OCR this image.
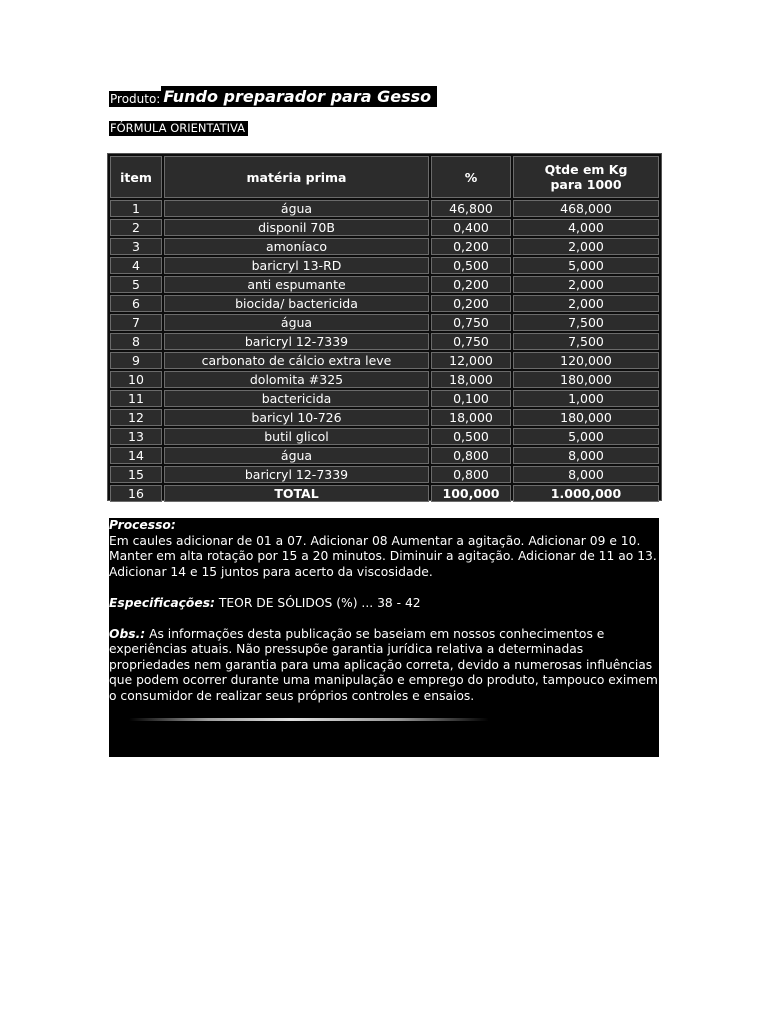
Produto: Fundo preparador para Gesso
FÓRMULA ORIENTATIVA
item	matéria prima	%	Qtde em Kg
para 1000
1	água	46,800	468,000
2	disponil 70B	0,400	4,000
3	amoníaco	0,200	2,000
4	baricryl 13-RD	0,500	5,000
5	anti espumante	0,200	2,000
6	biocida/ bactericida	0,200	2,000
7	água	0,750	7,500
8	baricryl 12-7339	0,750	7,500
9	carbonato de cálcio extra leve	12,000	120,000
10	dolomita #325	18,000	180,000
11	bactericida	0,100	1,000
12	baricyl 10-726	18,000	180,000
13	butil glicol	0,500	5,000
14	água	0,800	8,000
15	baricryl 12-7339	0,800	8,000
16	TOTAL	100,000	1.000,000

Processo:
Em caules adicionar de 01 a 07. Adicionar 08 Aumentar a agitação. Adicionar 09 e 10. Manter em alta rotação por 15 a 20 minutos. Diminuir a agitação. Adicionar de 11 ao 13. Adicionar 14 e 15 juntos para acerto da viscosidade.

Especificações: TEOR DE SÓLIDOS (%) ... 38 - 42

Obs.: As informações desta publicação se baseiam em nossos conhecimentos e experiências atuais. Não pressupõe garantia jurídica relativa a determinadas propriedades nem garantia para uma aplicação correta, devido a numerosas influências que podem ocorrer durante uma manipulação e emprego do produto, tampouco eximem o consumidor de realizar seus próprios controles e ensaios.
